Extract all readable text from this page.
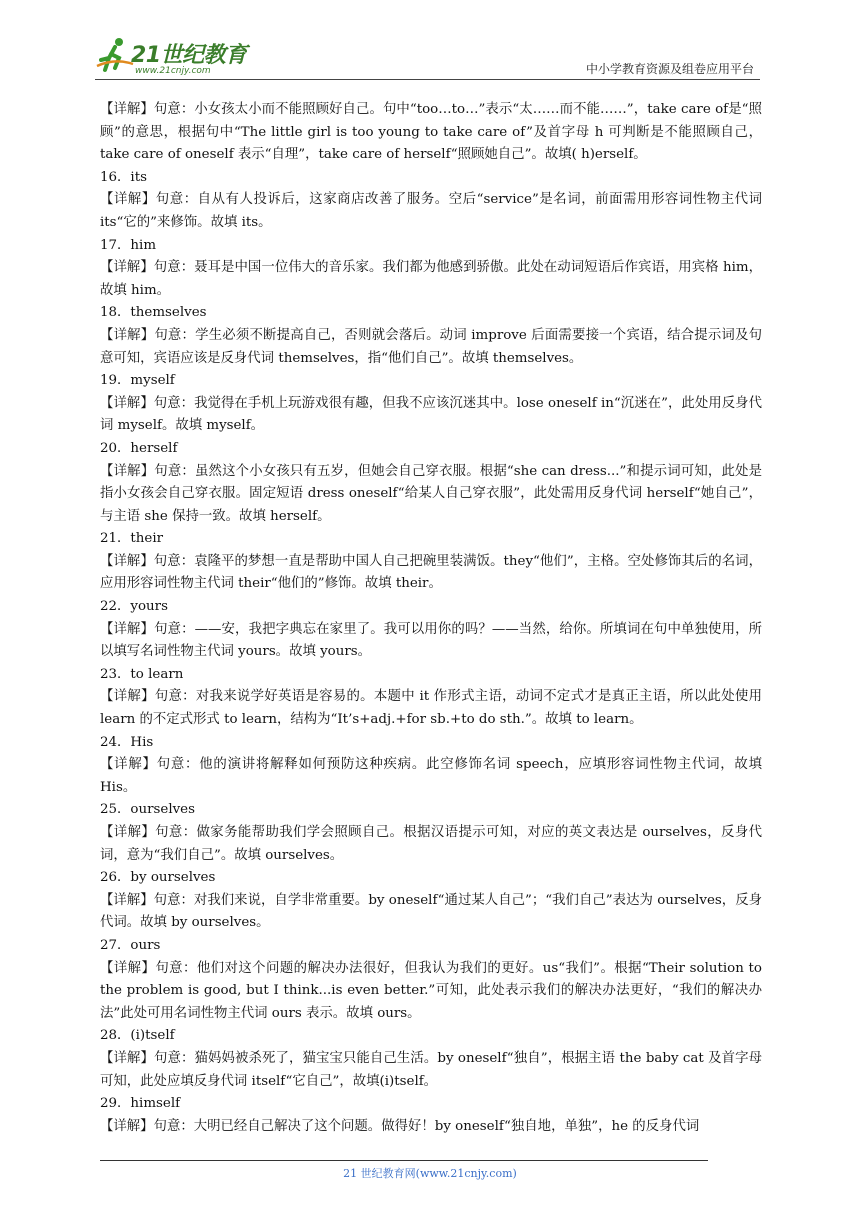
21世纪教育
www.21cnjy.com	中小学教育资源及组卷应用平台

【详解】句意：小女孩太小而不能照顾好自己。句中“too…to…”表示“太……而不能……”，take care of是“照顾”的意思，根据句中“The little girl is too young to take care of”及首字母 h 可判断是不能照顾自己，take care of oneself 表示“自理”，take care of herself“照顾她自己”。故填( h)erself。

16．its

【详解】句意：自从有人投诉后，这家商店改善了服务。空后“service”是名词，前面需用形容词性物主代词 its“它的”来修饰。故填 its。

17．him

【详解】句意：聂耳是中国一位伟大的音乐家。我们都为他感到骄傲。此处在动词短语后作宾语，用宾格 him，故填 him。

18．themselves

【详解】句意：学生必须不断提高自己，否则就会落后。动词 improve 后面需要接一个宾语，结合提示词及句意可知，宾语应该是反身代词 themselves，指“他们自己”。故填 themselves。

19．myself

【详解】句意：我觉得在手机上玩游戏很有趣，但我不应该沉迷其中。lose oneself in“沉迷在”，此处用反身代词 myself。故填 myself。

20．herself

【详解】句意：虽然这个小女孩只有五岁，但她会自己穿衣服。根据“she can dress...”和提示词可知，此处是指小女孩会自己穿衣服。固定短语 dress oneself“给某人自己穿衣服”，此处需用反身代词 herself“她自己”，与主语 she 保持一致。故填 herself。

21．their

【详解】句意：袁隆平的梦想一直是帮助中国人自己把碗里装满饭。they“他们”，主格。空处修饰其后的名词，应用形容词性物主代词 their“他们的”修饰。故填 their。

22．yours

【详解】句意：——安，我把字典忘在家里了。我可以用你的吗？——当然，给你。所填词在句中单独使用，所以填写名词性物主代词 yours。故填 yours。

23．to learn

【详解】句意：对我来说学好英语是容易的。本题中 it 作形式主语，动词不定式才是真正主语，所以此处使用 learn 的不定式形式 to learn，结构为“It’s+adj.+for sb.+to do sth.”。故填 to learn。

24．His

【详解】句意：他的演讲将解释如何预防这种疾病。此空修饰名词 speech，应填形容词性物主代词，故填 His。

25．ourselves

【详解】句意：做家务能帮助我们学会照顾自己。根据汉语提示可知，对应的英文表达是 ourselves，反身代词，意为“我们自己”。故填 ourselves。

26．by ourselves

【详解】句意：对我们来说，自学非常重要。by oneself“通过某人自己”；“我们自己”表达为 ourselves，反身代词。故填 by ourselves。

27．ours

【详解】句意：他们对这个问题的解决办法很好，但我认为我们的更好。us“我们”。根据“Their solution to the problem is good, but I think...is even better.”可知，此处表示我们的解决办法更好，“我们的解决办法”此处可用名词性物主代词 ours 表示。故填 ours。

28．(i)tself

【详解】句意：猫妈妈被杀死了，猫宝宝只能自己生活。by oneself“独自”，根据主语 the baby cat 及首字母可知，此处应填反身代词 itself“它自己”，故填(i)tself。

29．himself

【详解】句意：大明已经自己解决了这个问题。做得好！by oneself“独自地，单独”，he 的反身代词

21 世纪教育网(www.21cnjy.com)
